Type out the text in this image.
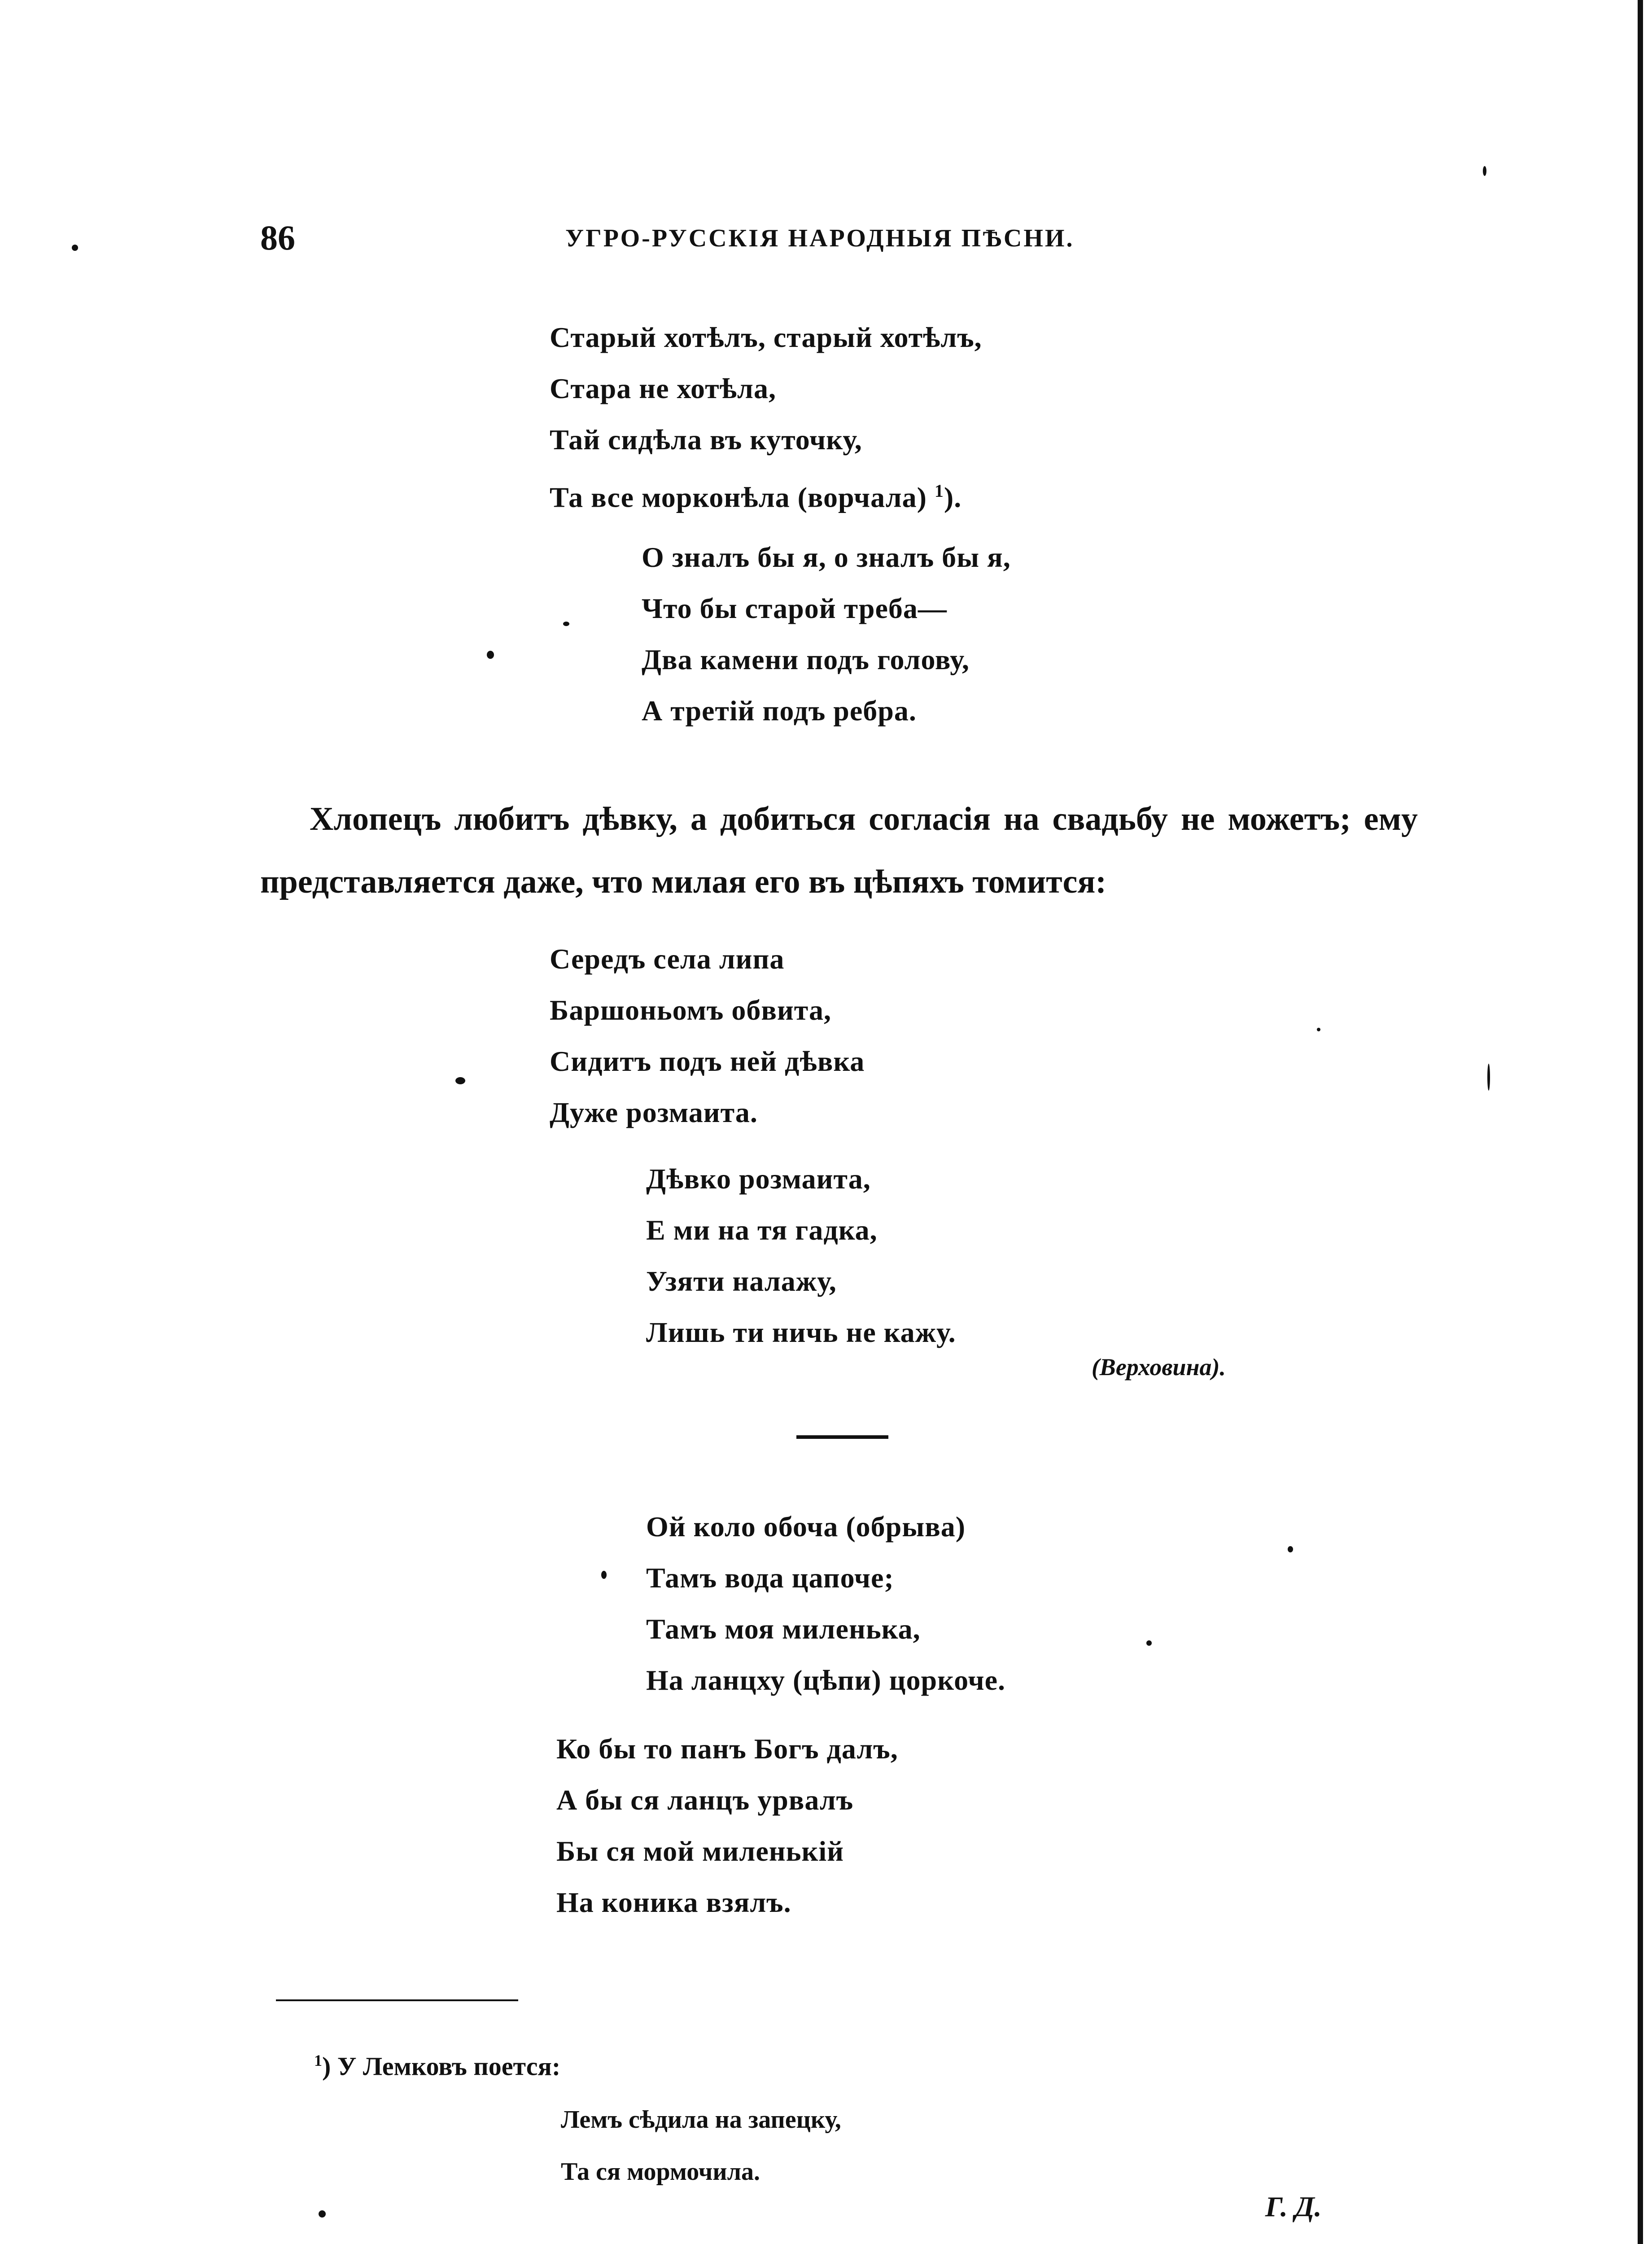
86	УГРО-РУССКІЯ НАРОДНЫЯ ПѢСНИ.
Старый хотѣлъ, старый хотѣлъ,
Стара не хотѣла,
Тай сидѣла въ куточку,
Та все морконѣла (ворчала) $^1$).
О зналъ бы я, о зналъ бы я,
Что бы старой треба—
Два камени подъ голову,
А третій подъ ребра.
Хлопецъ любитъ дѣвку, а добиться согласія на свадьбу не можетъ; ему представляется даже, что милая его въ цѣпяхъ томится:
Середъ села липа
Баршоньомъ обвита,
Сидитъ подъ ней дѣвка
Дуже розмаита.
Дѣвко розмаита,
Е ми на тя гадка,
Узяти налажу,
Лишь ти ничь не кажу.
(Верховина).
Ой коло обоча (обрыва)
Тамъ вода цапоче;
Тамъ моя миленька,
На ланцху (цѣпи) цоркоче.
Ко бы то панъ Богъ далъ,
А бы ся ланцъ урвалъ
Бы ся мой миленькій
На коника взялъ.
$^1$) У Лемковъ поется:
Лемъ сѣдила на запецку,
Та ся мормочила.
Г. Д.
